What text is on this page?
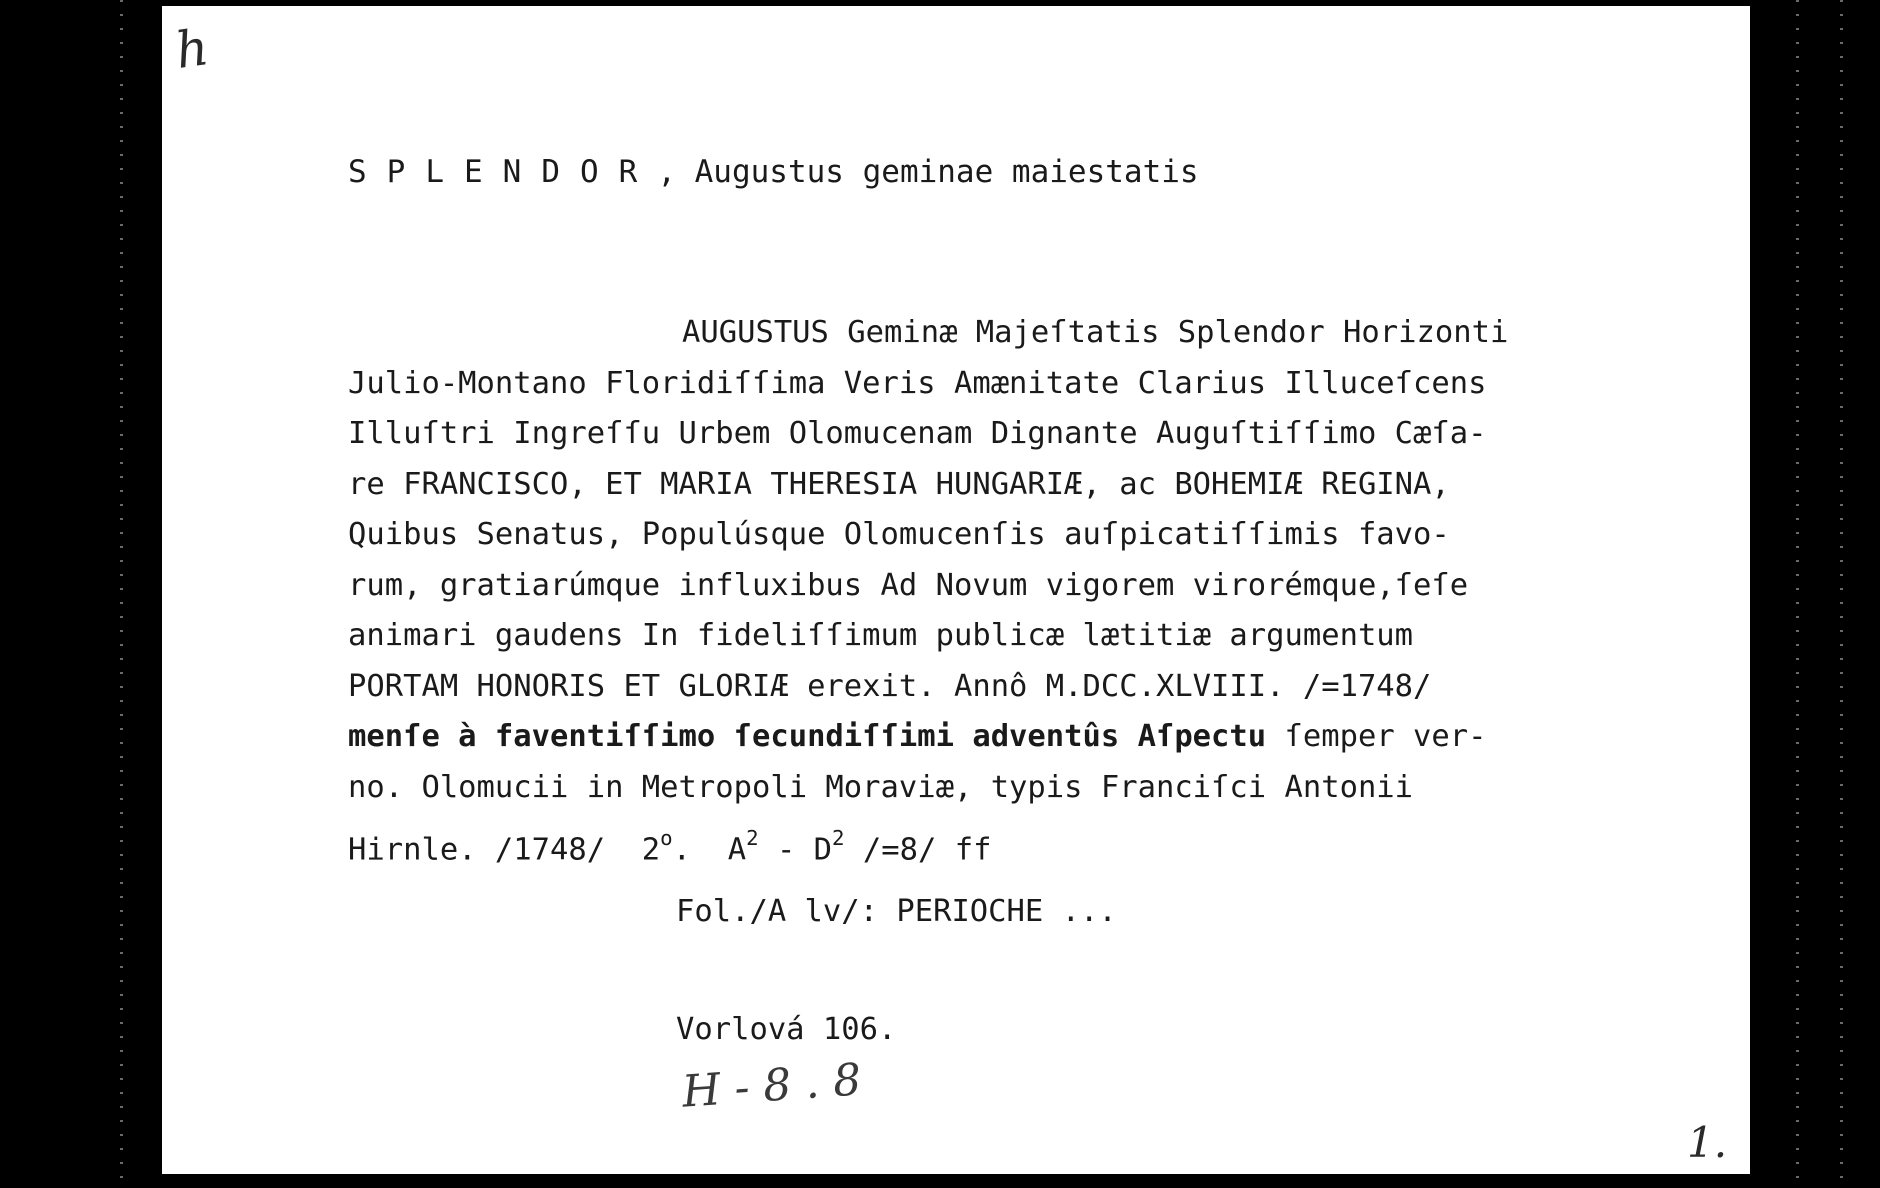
h
SPLENDOR, Augustus geminae maiestatis
AUGUSTUS Geminæ Majeſtatis Splendor Horizonti
Julio-Montano Floridiſſima Veris Amænitate Clarius Illuceſcens
Illuſtri Ingreſſu Urbem Olomucenam Dignante Auguſtiſſimo Cæſa-
re FRANCISCO, ET MARIA THERESIA HUNGARIÆ, ac BOHEMIÆ REGINA,
Quibus Senatus, Populúsque Olomucenſis auſpicatiſſimis favo-
rum, gratiarúmque influxibus Ad Novum vigorem virorémque,ſeſe
animari gaudens In fideliſſimum publicæ lætitiæ argumentum
PORTAM HONORIS ET GLORIÆ erexit. Annô M.DCC.XLVIII. /=1748/
menſe à faventiſſimo ſecundiſſimi adventûs Aſpectu ſemper ver-
no. Olomucii in Metropoli Moraviæ, typis Franciſci Antonii
Hirnle. /1748/  2$^o$.  $A^2 - D^2$ /=8/ ff
Fol./A lv/: PERIOCHE ...
Vorlová 106.
H-8.8
1.
